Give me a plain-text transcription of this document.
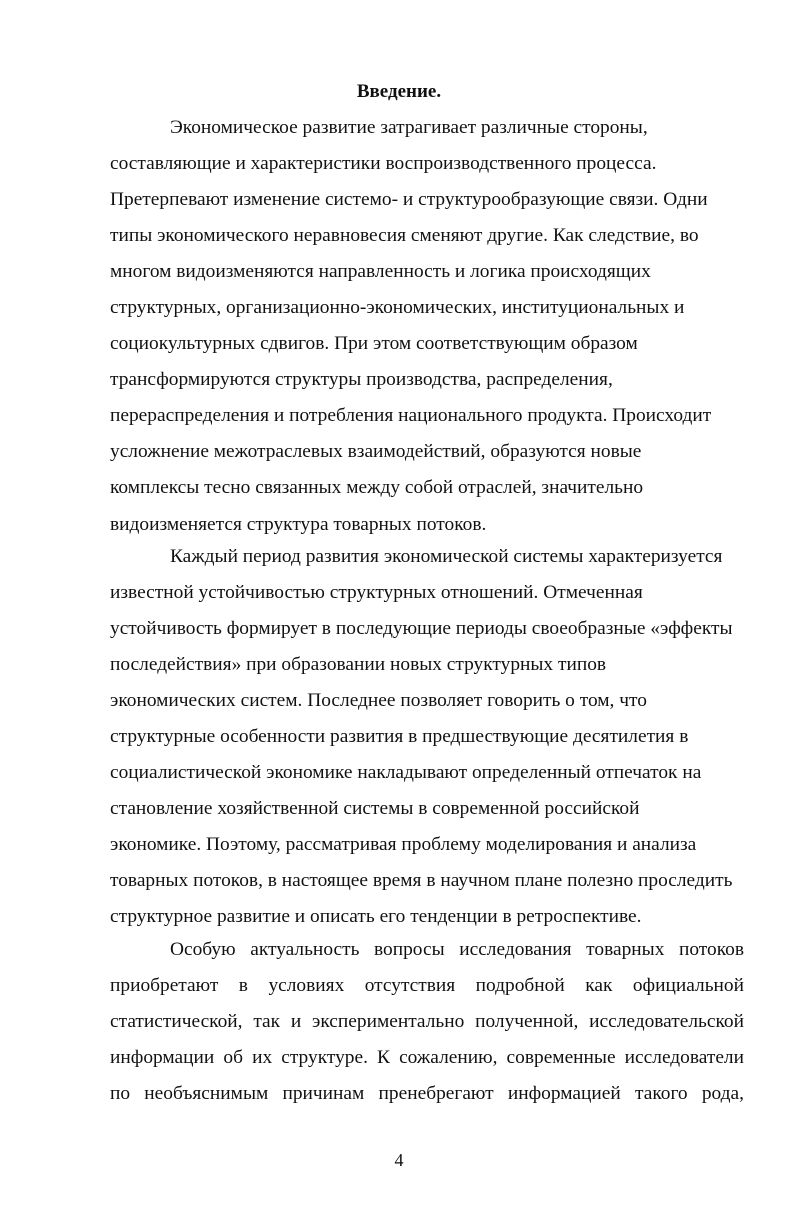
Введение.
Экономическое развитие затрагивает различные стороны,
составляющие и характеристики воспроизводственного процесса.
Претерпевают изменение системо- и структурообразующие связи. Одни
типы экономического неравновесия сменяют другие. Как следствие, во
многом видоизменяются направленность и логика происходящих
структурных, организационно-экономических, институциональных и
социокультурных сдвигов. При этом соответствующим образом
трансформируются структуры производства, распределения,
перераспределения и потребления национального продукта. Происходит
усложнение межотраслевых взаимодействий, образуются новые
комплексы тесно связанных между собой отраслей, значительно
видоизменяется структура товарных потоков.
Каждый период развития экономической системы характеризуется
известной устойчивостью структурных отношений. Отмеченная
устойчивость формирует в последующие периоды своеобразные «эффекты
последействия» при образовании новых структурных типов
экономических систем. Последнее позволяет говорить о том, что
структурные особенности развития в предшествующие десятилетия в
социалистической экономике накладывают определенный отпечаток на
становление хозяйственной системы в современной российской
экономике. Поэтому, рассматривая проблему моделирования и анализа
товарных потоков, в настоящее время в научном плане полезно проследить
структурное развитие и описать его тенденции в ретроспективе.
Особую актуальность вопросы исследования товарных потоков
приобретают в условиях отсутствия подробной как официальной
статистической, так и экспериментально полученной, исследовательской
информации об их структуре. К сожалению, современные исследователи
по необъяснимым причинам пренебрегают информацией такого рода,
4
